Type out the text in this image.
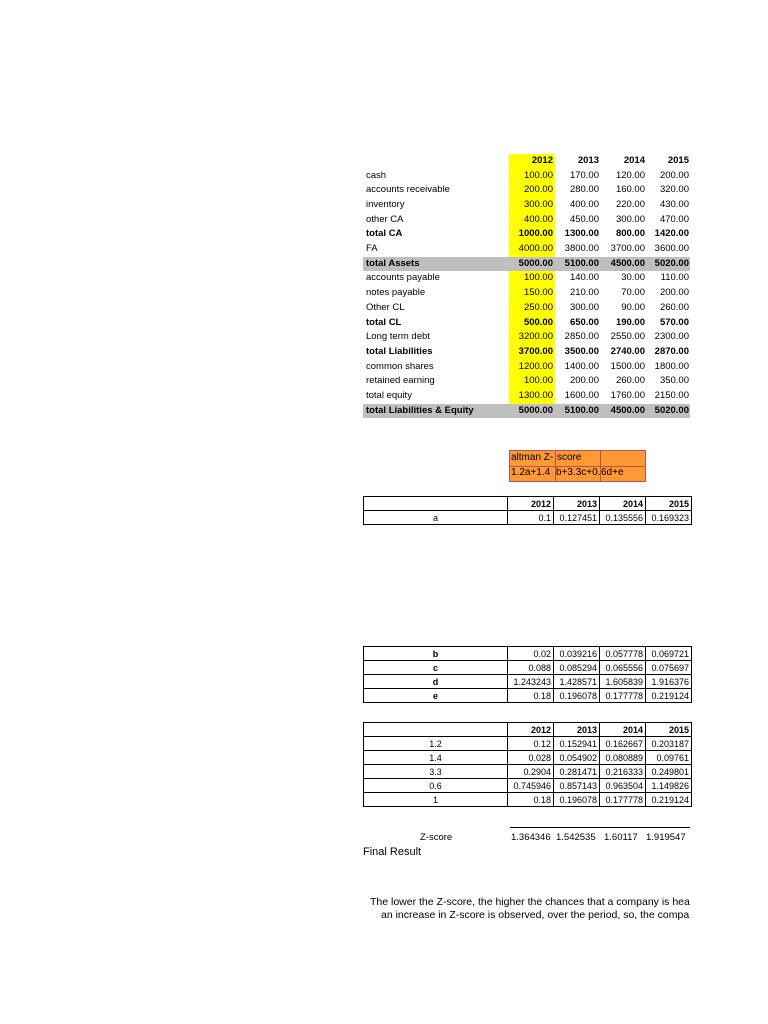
2012	2013	2014	2015
cash	100.00	170.00	120.00	200.00
accounts receivable	200.00	280.00	160.00	320.00
inventory	300.00	400.00	220.00	430.00
other CA	400.00	450.00	300.00	470.00
total CA	1000.00	1300.00	800.00	1420.00
FA	4000.00	3800.00	3700.00	3600.00
total Assets	5000.00	5100.00	4500.00	5020.00
accounts payable	100.00	140.00	30.00	110.00
notes payable	150.00	210.00	70.00	200.00
Other CL	250.00	300.00	90.00	260.00
total CL	500.00	650.00	190.00	570.00
Long term debt	3200.00	2850.00	2550.00	2300.00
total Liabilities	3700.00	3500.00	2740.00	2870.00
common shares	1200.00	1400.00	1500.00	1800.00
retained earning	100.00	200.00	260.00	350.00
total equity	1300.00	1600.00	1760.00	2150.00
total Liabilities & Equity	5000.00	5100.00	4500.00	5020.00
altman Z- score
1.2a+1.4 b+3.3c+0. 6d+e
	2012	2013	2014	2015
a	0.1	0.127451	0.135556	0.169323
b	0.02	0.039216	0.057778	0.069721
c	0.088	0.085294	0.065556	0.075697
d	1.243243	1.428571	1.605839	1.916376
e	0.18	0.196078	0.177778	0.219124
	2012	2013	2014	2015
1.2	0.12	0.152941	0.162667	0.203187
1.4	0.028	0.054902	0.080889	0.09761
3.3	0.2904	0.281471	0.216333	0.249801
0.6	0.745946	0.857143	0.963504	1.149826
1	0.18	0.196078	0.177778	0.219124
Z-score	1.364346 1.542535 1.60117 1.919547
Final Result
The lower the Z-score, the higher the chances that a company is hea
an increase in Z-score is observed, over the period, so, the compa
